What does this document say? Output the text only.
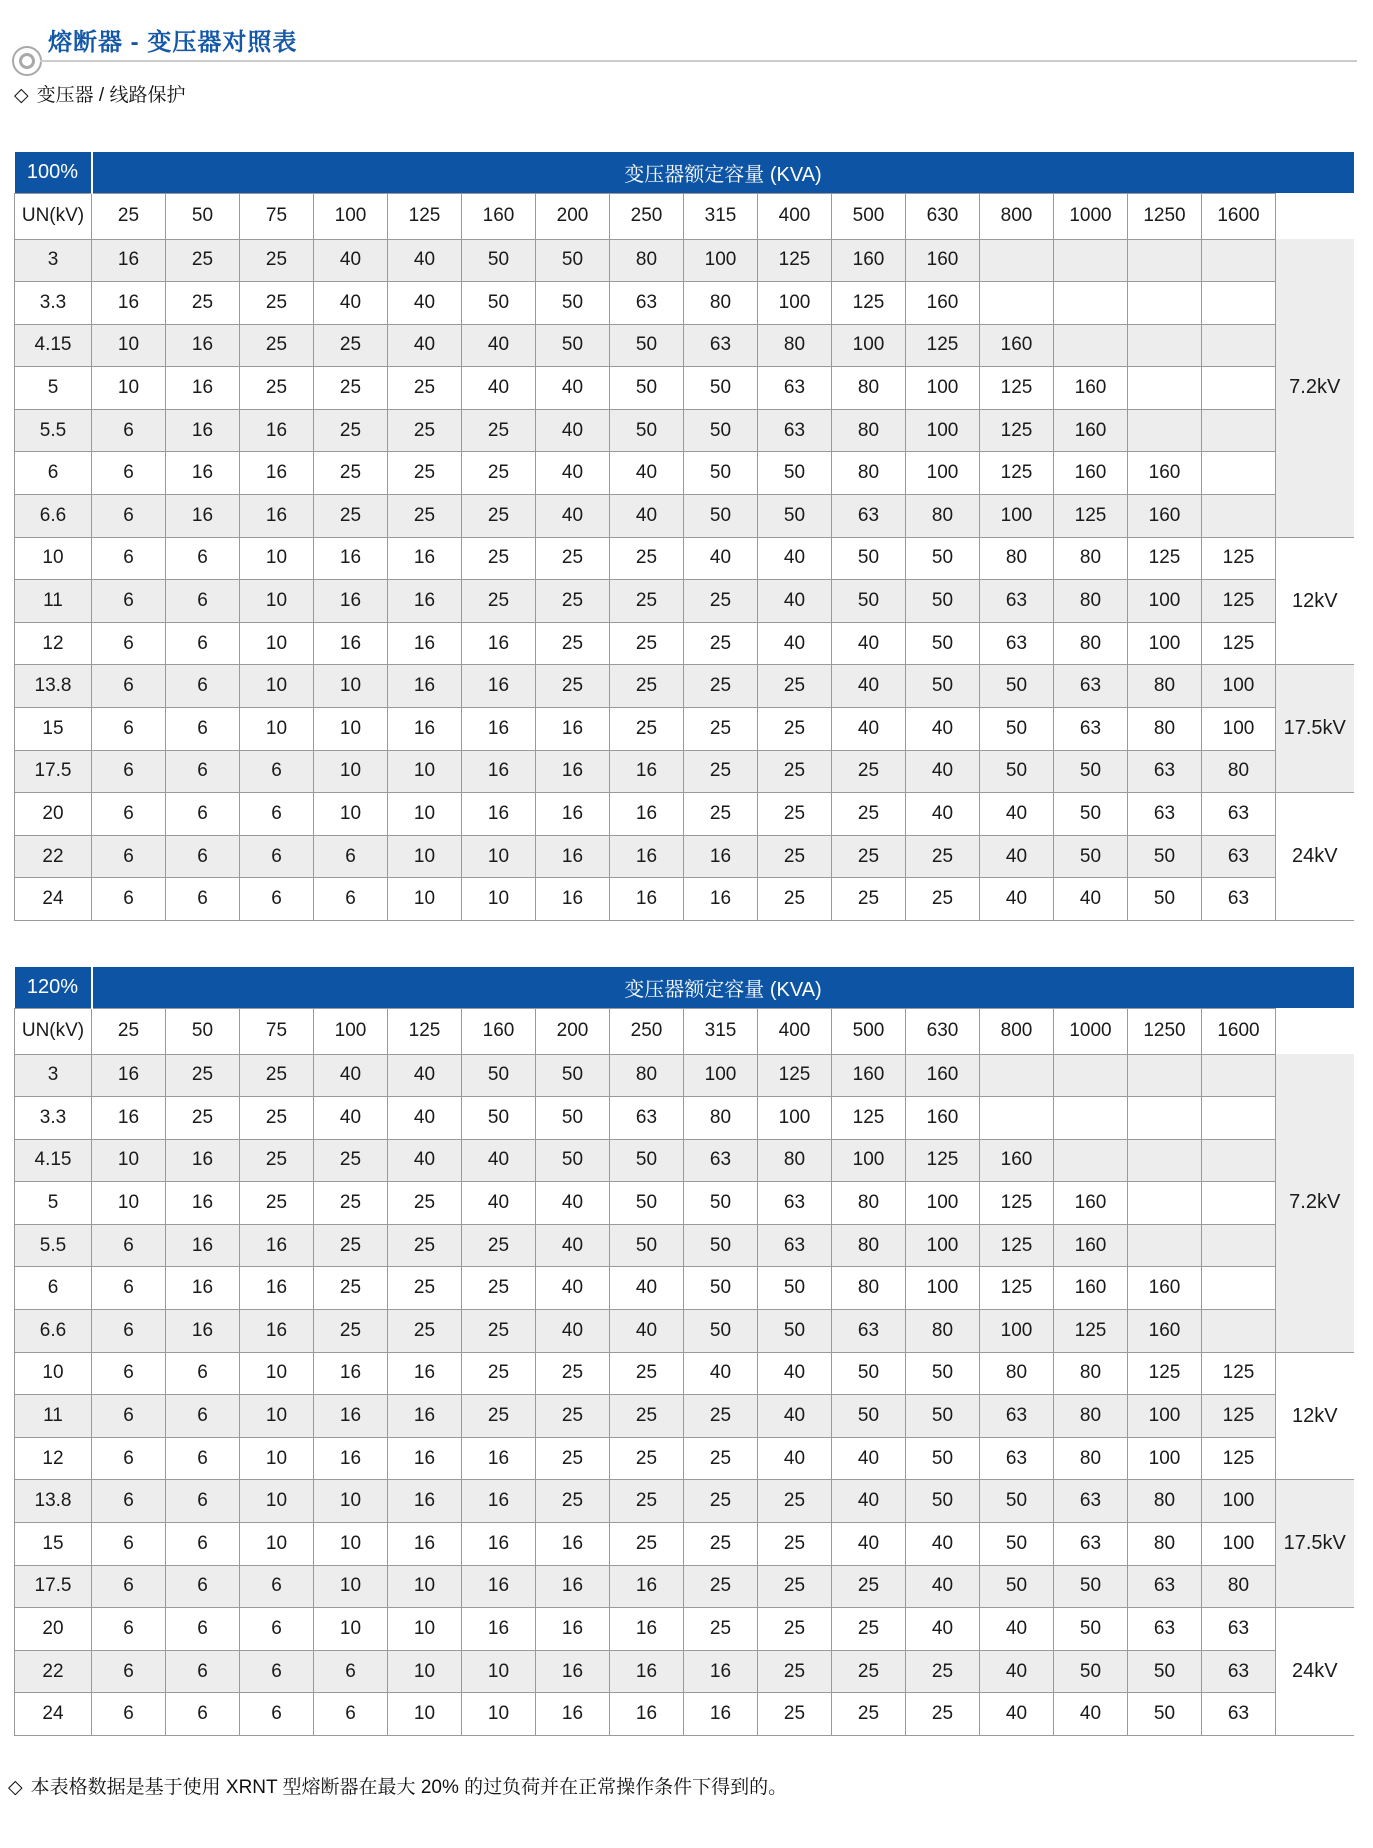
熔断器 - 变压器对照表
◇ 变压器 / 线路保护
100%	变压器额定容量 (KVA)																
UN(kV)	25	50	75	100	125	160	200	250	315	400	500	630	800	1000	1250	1600	
3	16	25	25	40	40	50	50	80	100	125	160	160					7.2kV
3.3	16	25	25	40	40	50	50	63	80	100	125	160					
4.15	10	16	25	25	40	40	50	50	63	80	100	125	160				
5	10	16	25	25	25	40	40	50	50	63	80	100	125	160			
5.5	6	16	16	25	25	25	40	50	50	63	80	100	125	160			
6	6	16	16	25	25	25	40	40	50	50	80	100	125	160	160		
6.6	6	16	16	25	25	25	40	40	50	50	63	80	100	125	160		
10	6	6	10	16	16	25	25	25	40	40	50	50	80	80	125	125	12kV
11	6	6	10	16	16	25	25	25	25	40	50	50	63	80	100	125	
12	6	6	10	16	16	16	25	25	25	40	40	50	63	80	100	125	
13.8	6	6	10	10	16	16	25	25	25	25	40	50	50	63	80	100	17.5kV
15	6	6	10	10	16	16	16	25	25	25	40	40	50	63	80	100	
17.5	6	6	6	10	10	16	16	16	25	25	25	40	50	50	63	80	
20	6	6	6	10	10	16	16	16	25	25	25	40	40	50	63	63	24kV
22	6	6	6	6	10	10	16	16	16	25	25	25	40	50	50	63	
24	6	6	6	6	10	10	16	16	16	25	25	25	40	40	50	63	
120%	变压器额定容量 (KVA)																
UN(kV)	25	50	75	100	125	160	200	250	315	400	500	630	800	1000	1250	1600	
3	16	25	25	40	40	50	50	80	100	125	160	160					7.2kV
3.3	16	25	25	40	40	50	50	63	80	100	125	160					
4.15	10	16	25	25	40	40	50	50	63	80	100	125	160				
5	10	16	25	25	25	40	40	50	50	63	80	100	125	160			
5.5	6	16	16	25	25	25	40	50	50	63	80	100	125	160			
6	6	16	16	25	25	25	40	40	50	50	80	100	125	160	160		
6.6	6	16	16	25	25	25	40	40	50	50	63	80	100	125	160		
10	6	6	10	16	16	25	25	25	40	40	50	50	80	80	125	125	12kV
11	6	6	10	16	16	25	25	25	25	40	50	50	63	80	100	125	
12	6	6	10	16	16	16	25	25	25	40	40	50	63	80	100	125	
13.8	6	6	10	10	16	16	25	25	25	25	40	50	50	63	80	100	17.5kV
15	6	6	10	10	16	16	16	25	25	25	40	40	50	63	80	100	
17.5	6	6	6	10	10	16	16	16	25	25	25	40	50	50	63	80	
20	6	6	6	10	10	16	16	16	25	25	25	40	40	50	63	63	24kV
22	6	6	6	6	10	10	16	16	16	25	25	25	40	50	50	63	
24	6	6	6	6	10	10	16	16	16	25	25	25	40	40	50	63	

◇ 本表格数据是基于使用 XRNT 型熔断器在最大 20% 的过负荷并在正常操作条件下得到的。
